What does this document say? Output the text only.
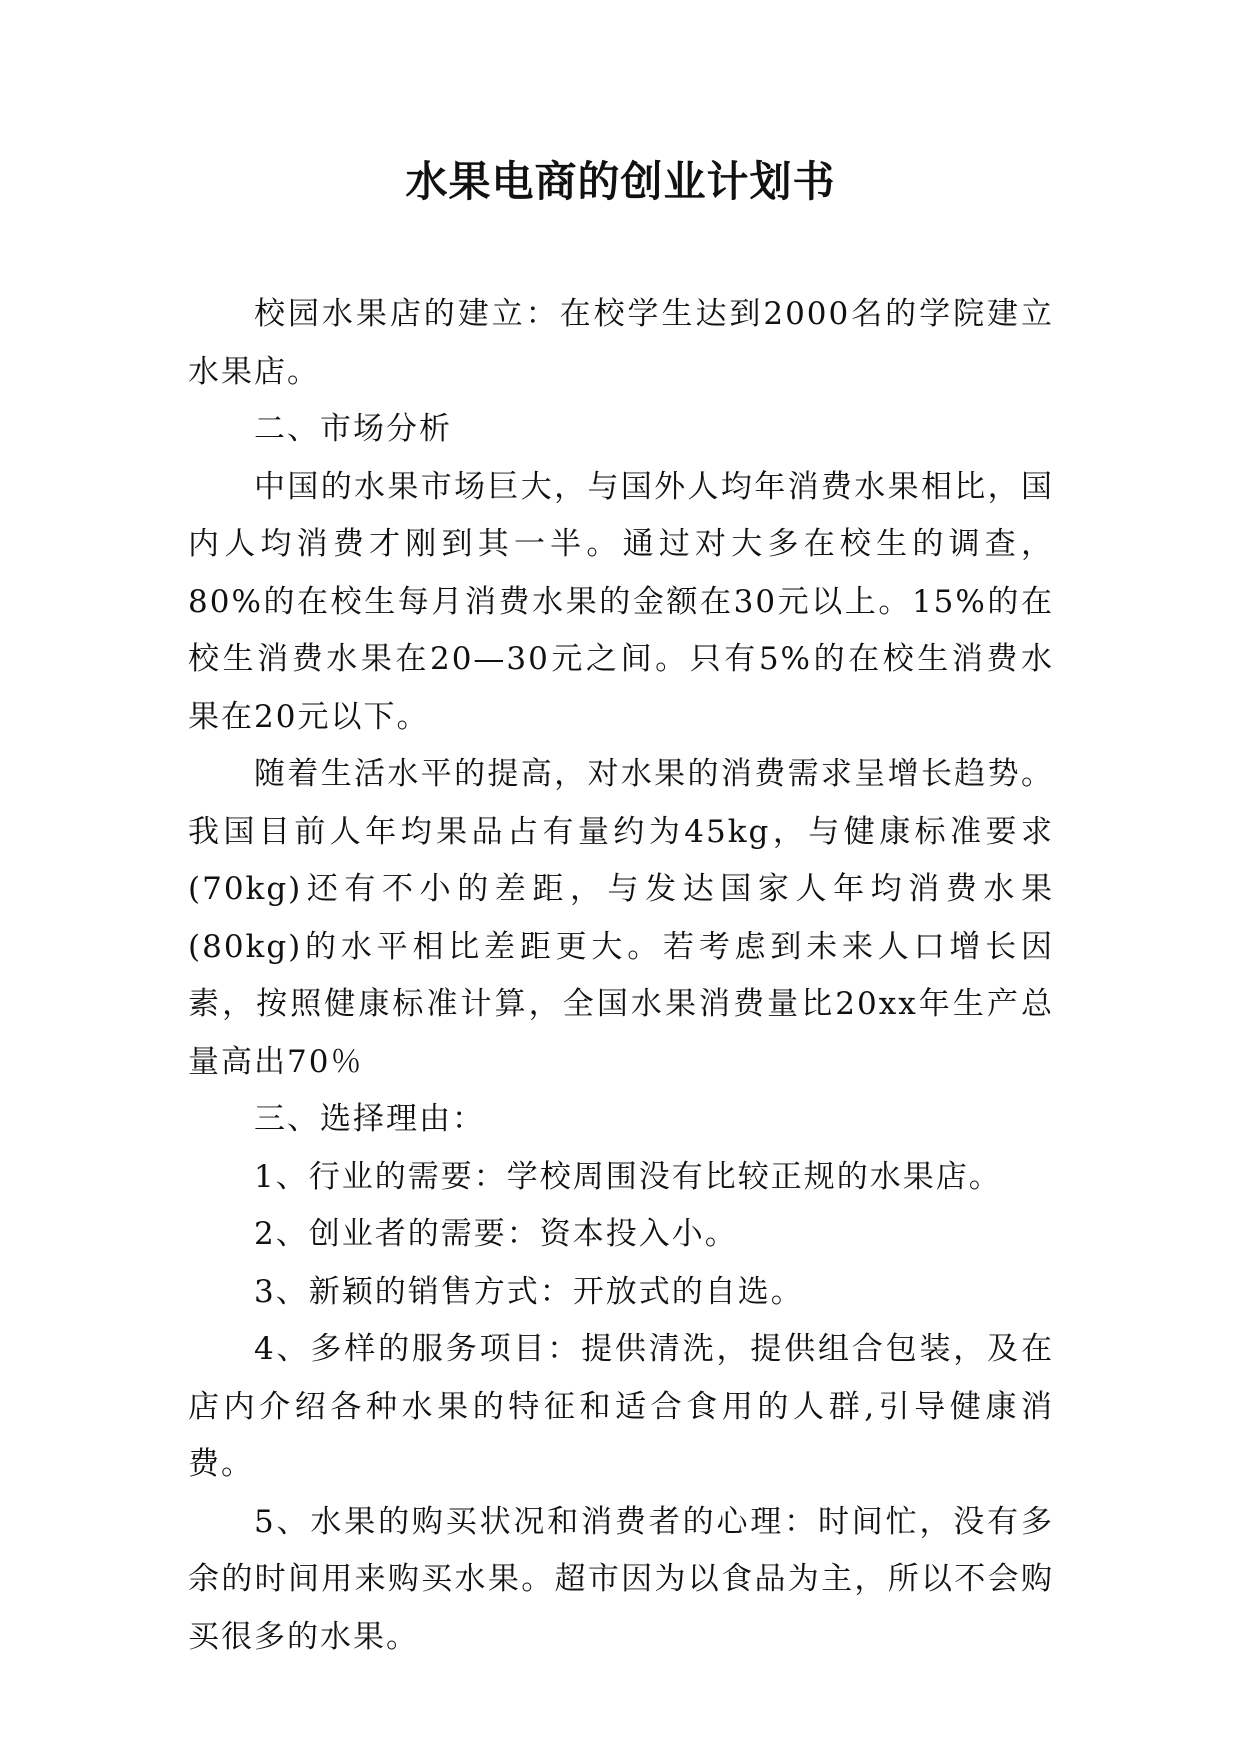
水果电商的创业计划书

校园水果店的建立：在校学生达到2000名的学院建立水果店。

二、市场分析

中国的水果市场巨大，与国外人均年消费水果相比，国内人均消费才刚到其一半。通过对大多在校生的调查，80%的在校生每月消费水果的金额在30元以上。15%的在校生消费水果在20—30元之间。只有5%的在校生消费水果在20元以下。

随着生活水平的提高，对水果的消费需求呈增长趋势。我国目前人年均果品占有量约为45kg，与健康标准要求(70kg)还有不小的差距，与发达国家人年均消费水果(80kg)的水平相比差距更大。若考虑到未来人口增长因素，按照健康标准计算，全国水果消费量比20xx年生产总量高出70％

三、选择理由：

1、行业的需要：学校周围没有比较正规的水果店。

2、创业者的需要：资本投入小。

3、新颖的销售方式：开放式的自选。

4、多样的服务项目：提供清洗，提供组合包装，及在店内介绍各种水果的特征和适合食用的人群,引导健康消费。

5、水果的购买状况和消费者的心理：时间忙，没有多余的时间用来购买水果。超市因为以食品为主，所以不会购买很多的水果。
